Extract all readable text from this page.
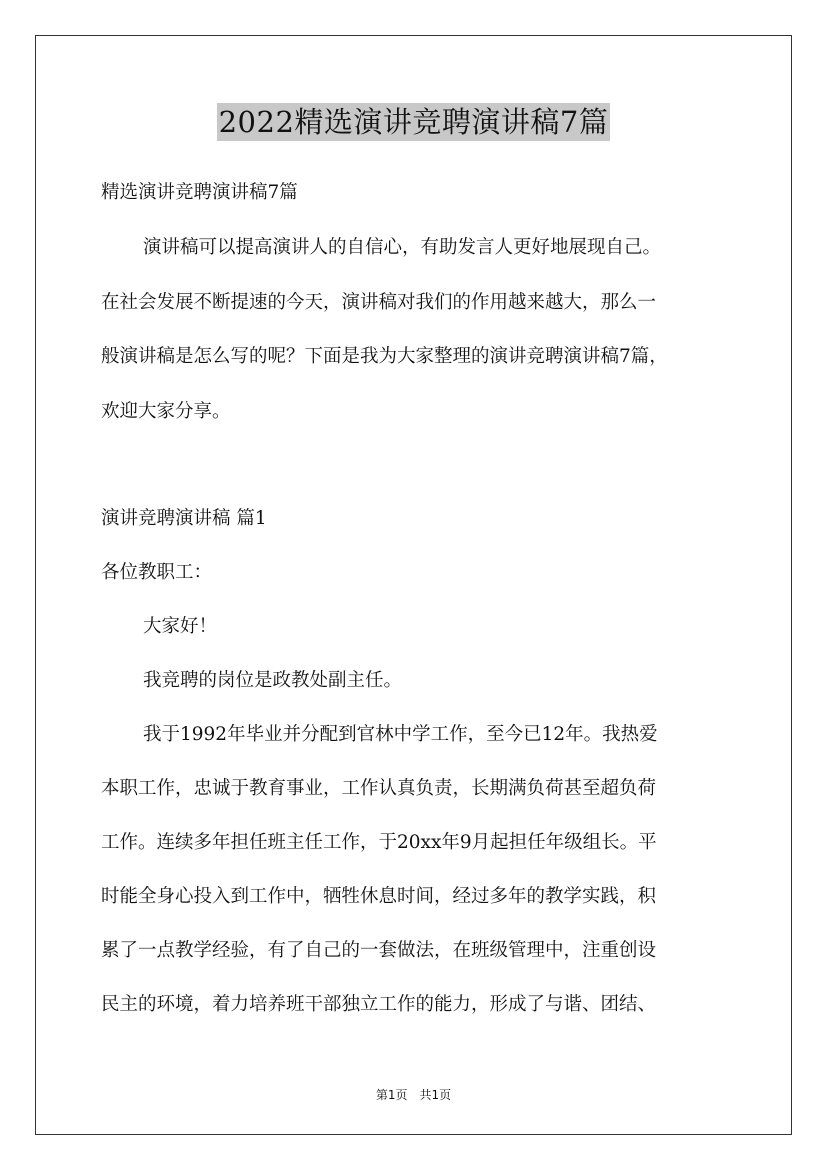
2022精选演讲竞聘演讲稿7篇
精选演讲竞聘演讲稿7篇
演讲稿可以提高演讲人的自信心，有助发言人更好地展现自己。
在社会发展不断提速的今天，演讲稿对我们的作用越来越大，那么一
般演讲稿是怎么写的呢？下面是我为大家整理的演讲竞聘演讲稿7篇，
欢迎大家分享。
演讲竞聘演讲稿 篇1
各位教职工：
大家好！
我竞聘的岗位是政教处副主任。
我于1992年毕业并分配到官林中学工作，至今已12年。我热爱
本职工作，忠诚于教育事业，工作认真负责，长期满负荷甚至超负荷
工作。连续多年担任班主任工作，于20xx年9月起担任年级组长。平
时能全身心投入到工作中，牺牲休息时间，经过多年的教学实践，积
累了一点教学经验，有了自己的一套做法，在班级管理中，注重创设
民主的环境，着力培养班干部独立工作的能力，形成了与谐、团结、
第1页　共1页
